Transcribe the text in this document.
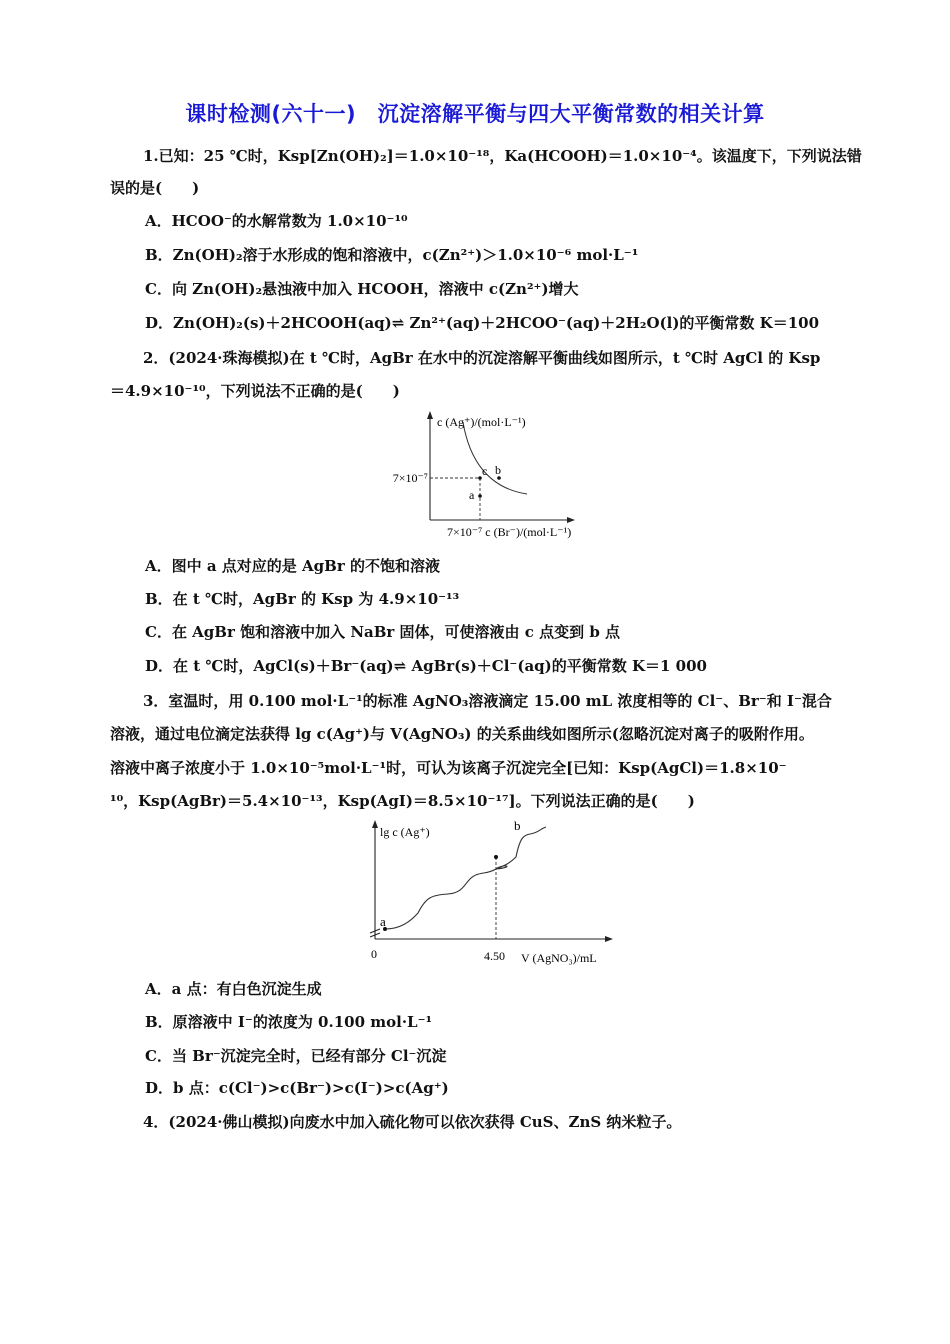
课时检测(六十一)　沉淀溶解平衡与四大平衡常数的相关计算
1.已知：25 ℃时，Ksp[Zn(OH)₂]＝1.0×10⁻¹⁸，Ka(HCOOH)＝1.0×10⁻⁴。该温度下，下列说法错
误的是(　　)
A．HCOO⁻的水解常数为 1.0×10⁻¹⁰
B．Zn(OH)₂溶于水形成的饱和溶液中，c(Zn²⁺)＞1.0×10⁻⁶ mol·L⁻¹
C．向 Zn(OH)₂悬浊液中加入 HCOOH，溶液中 c(Zn²⁺)增大
D．Zn(OH)₂(s)＋2HCOOH(aq)⇌ Zn²⁺(aq)＋2HCOO⁻(aq)＋2H₂O(l)的平衡常数 K＝100
2．(2024·珠海模拟)在 t ℃时，AgBr 在水中的沉淀溶解平衡曲线如图所示，t ℃时 AgCl 的 Ksp
＝4.9×10⁻¹⁰，下列说法不正确的是(　　)
c (Ag⁺)/(mol·L⁻¹)
7×10⁻⁷
7×10⁻⁷ c (Br⁻)/(mol·L⁻¹)
c b
a
A．图中 a 点对应的是 AgBr 的不饱和溶液
B．在 t ℃时，AgBr 的 Ksp 为 4.9×10⁻¹³
C．在 AgBr 饱和溶液中加入 NaBr 固体，可使溶液由 c 点变到 b 点
D．在 t ℃时，AgCl(s)＋Br⁻(aq)⇌ AgBr(s)＋Cl⁻(aq)的平衡常数 K＝1 000
3．室温时，用 0.100 mol·L⁻¹的标准 AgNO₃溶液滴定 15.00 mL 浓度相等的 Cl⁻、Br⁻和 I⁻混合
溶液，通过电位滴定法获得 lg c(Ag⁺)与 V(AgNO₃) 的关系曲线如图所示(忽略沉淀对离子的吸附作用。
溶液中离子浓度小于 1.0×10⁻⁵mol·L⁻¹时，可认为该离子沉淀完全[已知：Ksp(AgCl)＝1.8×10⁻
¹⁰，Ksp(AgBr)＝5.4×10⁻¹³，Ksp(AgI)＝8.5×10⁻¹⁷]。下列说法正确的是(　　)
lg c (Ag⁺)
a
b
0	4.50 V (AgNO₃)/mL
A．a 点：有白色沉淀生成
B．原溶液中 I⁻的浓度为 0.100 mol·L⁻¹
C．当 Br⁻沉淀完全时，已经有部分 Cl⁻沉淀
D．b 点：c(Cl⁻)>c(Br⁻)>c(I⁻)>c(Ag⁺)
4．(2024·佛山模拟)向废水中加入硫化物可以依次获得 CuS、ZnS 纳米粒子。
